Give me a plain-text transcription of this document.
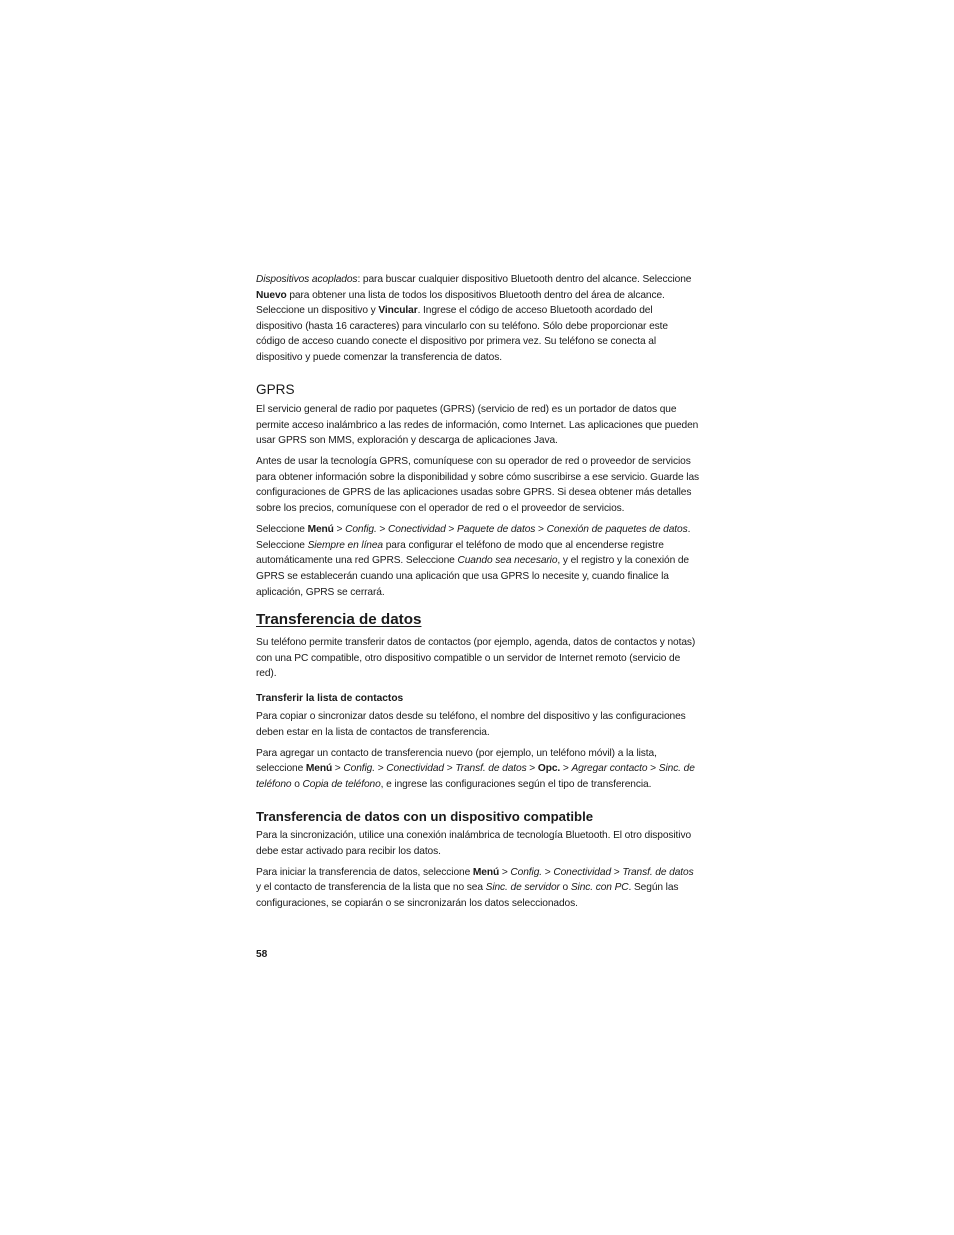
Dispositivos acoplados: para buscar cualquier dispositivo Bluetooth dentro del alcance. Seleccione Nuevo para obtener una lista de todos los dispositivos Bluetooth dentro del área de alcance. Seleccione un dispositivo y Vincular. Ingrese el código de acceso Bluetooth acordado del dispositivo (hasta 16 caracteres) para vincularlo con su teléfono. Sólo debe proporcionar este código de acceso cuando conecte el dispositivo por primera vez. Su teléfono se conecta al dispositivo y puede comenzar la transferencia de datos.

GPRS

El servicio general de radio por paquetes (GPRS) (servicio de red) es un portador de datos que permite acceso inalámbrico a las redes de información, como Internet. Las aplicaciones que pueden usar GPRS son MMS, exploración y descarga de aplicaciones Java.

Antes de usar la tecnología GPRS, comuníquese con su operador de red o proveedor de servicios para obtener información sobre la disponibilidad y sobre cómo suscribirse a ese servicio. Guarde las configuraciones de GPRS de las aplicaciones usadas sobre GPRS. Si desea obtener más detalles sobre los precios, comuníquese con el operador de red o el proveedor de servicios.

Seleccione Menú > Config. > Conectividad > Paquete de datos > Conexión de paquetes de datos. Seleccione Siempre en línea para configurar el teléfono de modo que al encenderse registre automáticamente una red GPRS. Seleccione Cuando sea necesario, y el registro y la conexión de GPRS se establecerán cuando una aplicación que usa GPRS lo necesite y, cuando finalice la aplicación, GPRS se cerrará.

Transferencia de datos

Su teléfono permite transferir datos de contactos (por ejemplo, agenda, datos de contactos y notas) con una PC compatible, otro dispositivo compatible o un servidor de Internet remoto (servicio de red).

Transferir la lista de contactos

Para copiar o sincronizar datos desde su teléfono, el nombre del dispositivo y las configuraciones deben estar en la lista de contactos de transferencia.

Para agregar un contacto de transferencia nuevo (por ejemplo, un teléfono móvil) a la lista, seleccione Menú > Config. > Conectividad > Transf. de datos > Opc. > Agregar contacto > Sinc. de teléfono o Copia de teléfono, e ingrese las configuraciones según el tipo de transferencia.

Transferencia de datos con un dispositivo compatible

Para la sincronización, utilice una conexión inalámbrica de tecnología Bluetooth. El otro dispositivo debe estar activado para recibir los datos.

Para iniciar la transferencia de datos, seleccione Menú > Config. > Conectividad > Transf. de datos y el contacto de transferencia de la lista que no sea Sinc. de servidor o Sinc. con PC. Según las configuraciones, se copiarán o se sincronizarán los datos seleccionados.

58
